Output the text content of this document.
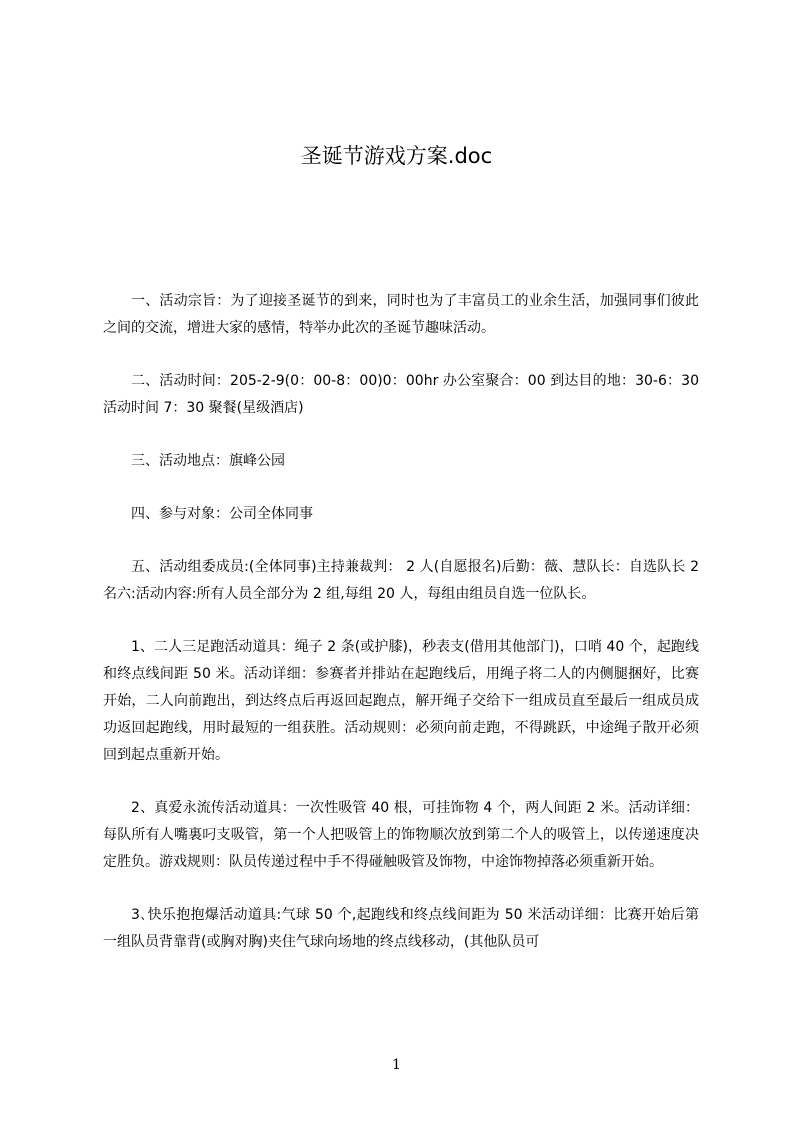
圣诞节游戏方案.doc

一、活动宗旨：为了迎接圣诞节的到来，同时也为了丰富员工的业余生活，加强同事们彼此之间的交流，增进大家的感情，特举办此次的圣诞节趣味活动。

二、活动时间：205-2-9(0：00-8：00)0：00hr 办公室聚合：00 到达目的地：30-6：30 活动时间 7：30 聚餐(星级酒店)

三、活动地点：旗峰公园

四、参与对象：公司全体同事

五、活动组委成员:(全体同事)主持兼裁判： 2 人(自愿报名)后勤：薇、慧队长：自选队长 2 名六:活动内容:所有人员全部分为 2 组,每组 20 人，每组由组员自选一位队长。

1、二人三足跑活动道具：绳子 2 条(或护膝)，秒表支(借用其他部门)，口哨 40 个，起跑线和终点线间距 50 米。活动详细：参赛者并排站在起跑线后，用绳子将二人的内侧腿捆好，比赛开始，二人向前跑出，到达终点后再返回起跑点，解开绳子交给下一组成员直至最后一组成员成功返回起跑线，用时最短的一组获胜。活动规则：必须向前走跑，不得跳跃，中途绳子散开必须回到起点重新开始。

2、真爱永流传活动道具：一次性吸管 40 根，可挂饰物 4 个，两人间距 2 米。活动详细：每队所有人嘴裏叼支吸管，第一个人把吸管上的饰物顺次放到第二个人的吸管上，以传递速度决定胜负。游戏规则：队员传递过程中手不得碰触吸管及饰物，中途饰物掉落必须重新开始。

3､快乐抱抱爆活动道具:气球 50 个,起跑线和终点线间距为 50 米活动详细：比赛开始后第一组队员背靠背(或胸对胸)夹住气球向场地的终点线移动，(其他队员可

1
